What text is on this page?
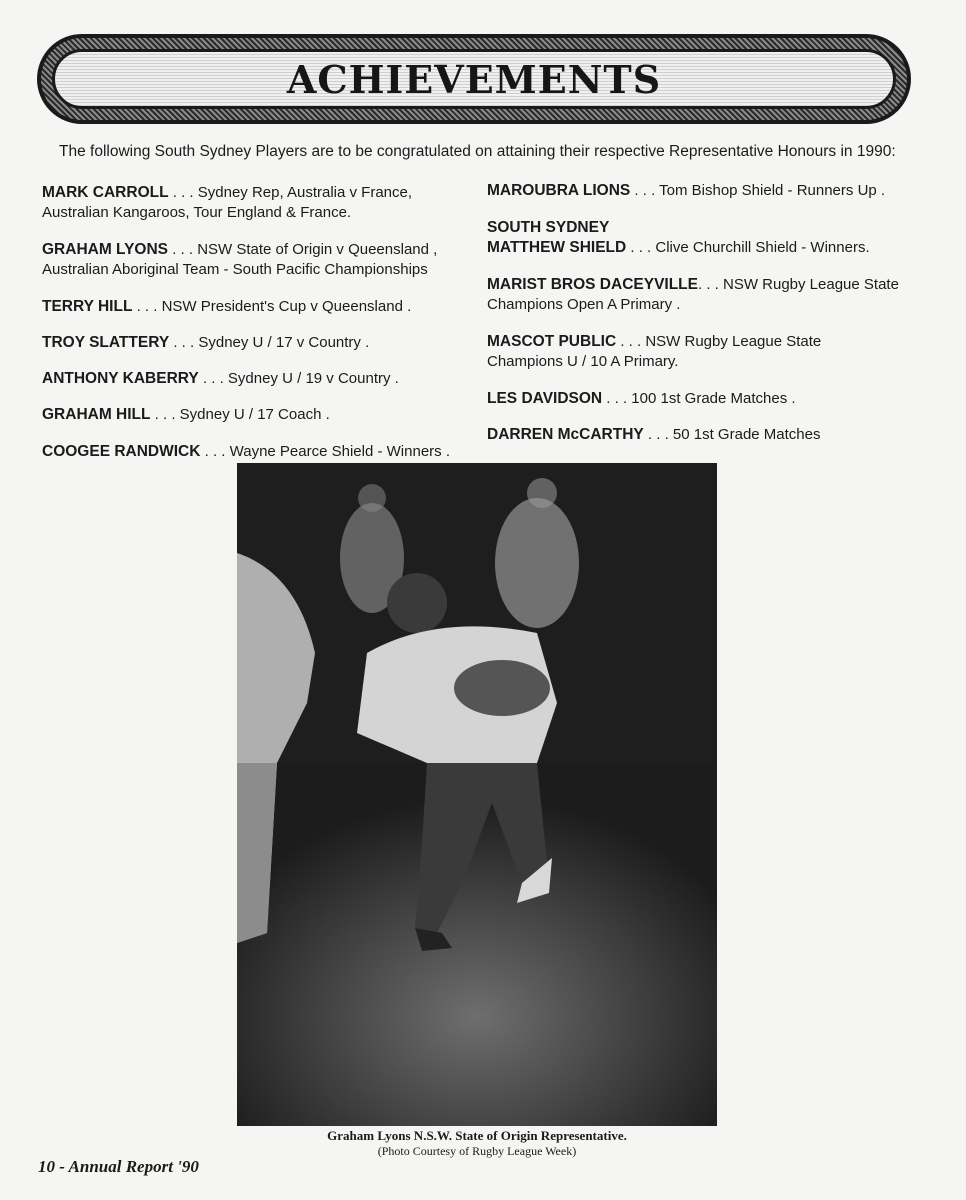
ACHIEVEMENTS
The following South Sydney Players are to be congratulated on attaining their respective Representative Honours in 1990:
MARK CARROLL . . . Sydney Rep, Australia v France,
Australian Kangaroos, Tour England & France.
GRAHAM LYONS . . . NSW State of Origin v Queensland ,
Australian Aboriginal Team - South Pacific Championships
TERRY HILL . . . NSW President's Cup v Queensland .
TROY SLATTERY . . . Sydney U / 17 v Country .
ANTHONY KABERRY . . . Sydney U / 19 v Country .
GRAHAM HILL . . . Sydney U / 17 Coach .
COOGEE RANDWICK . . . Wayne Pearce Shield - Winners .
MAROUBRA LIONS . . . Tom Bishop Shield - Runners Up .
SOUTH SYDNEY
MATTHEW SHIELD . . . Clive Churchill Shield - Winners.
MARIST BROS DACEYVILLE. . . NSW Rugby League State
Champions Open A Primary .
MASCOT PUBLIC . . . NSW Rugby League State
Champions U / 10 A Primary.
LES DAVIDSON . . . 100 1st Grade Matches .
DARREN McCARTHY . . . 50 1st Grade Matches
Graham Lyons N.S.W. State of Origin Representative.
(Photo Courtesy of Rugby League Week)
10 - Annual Report '90
